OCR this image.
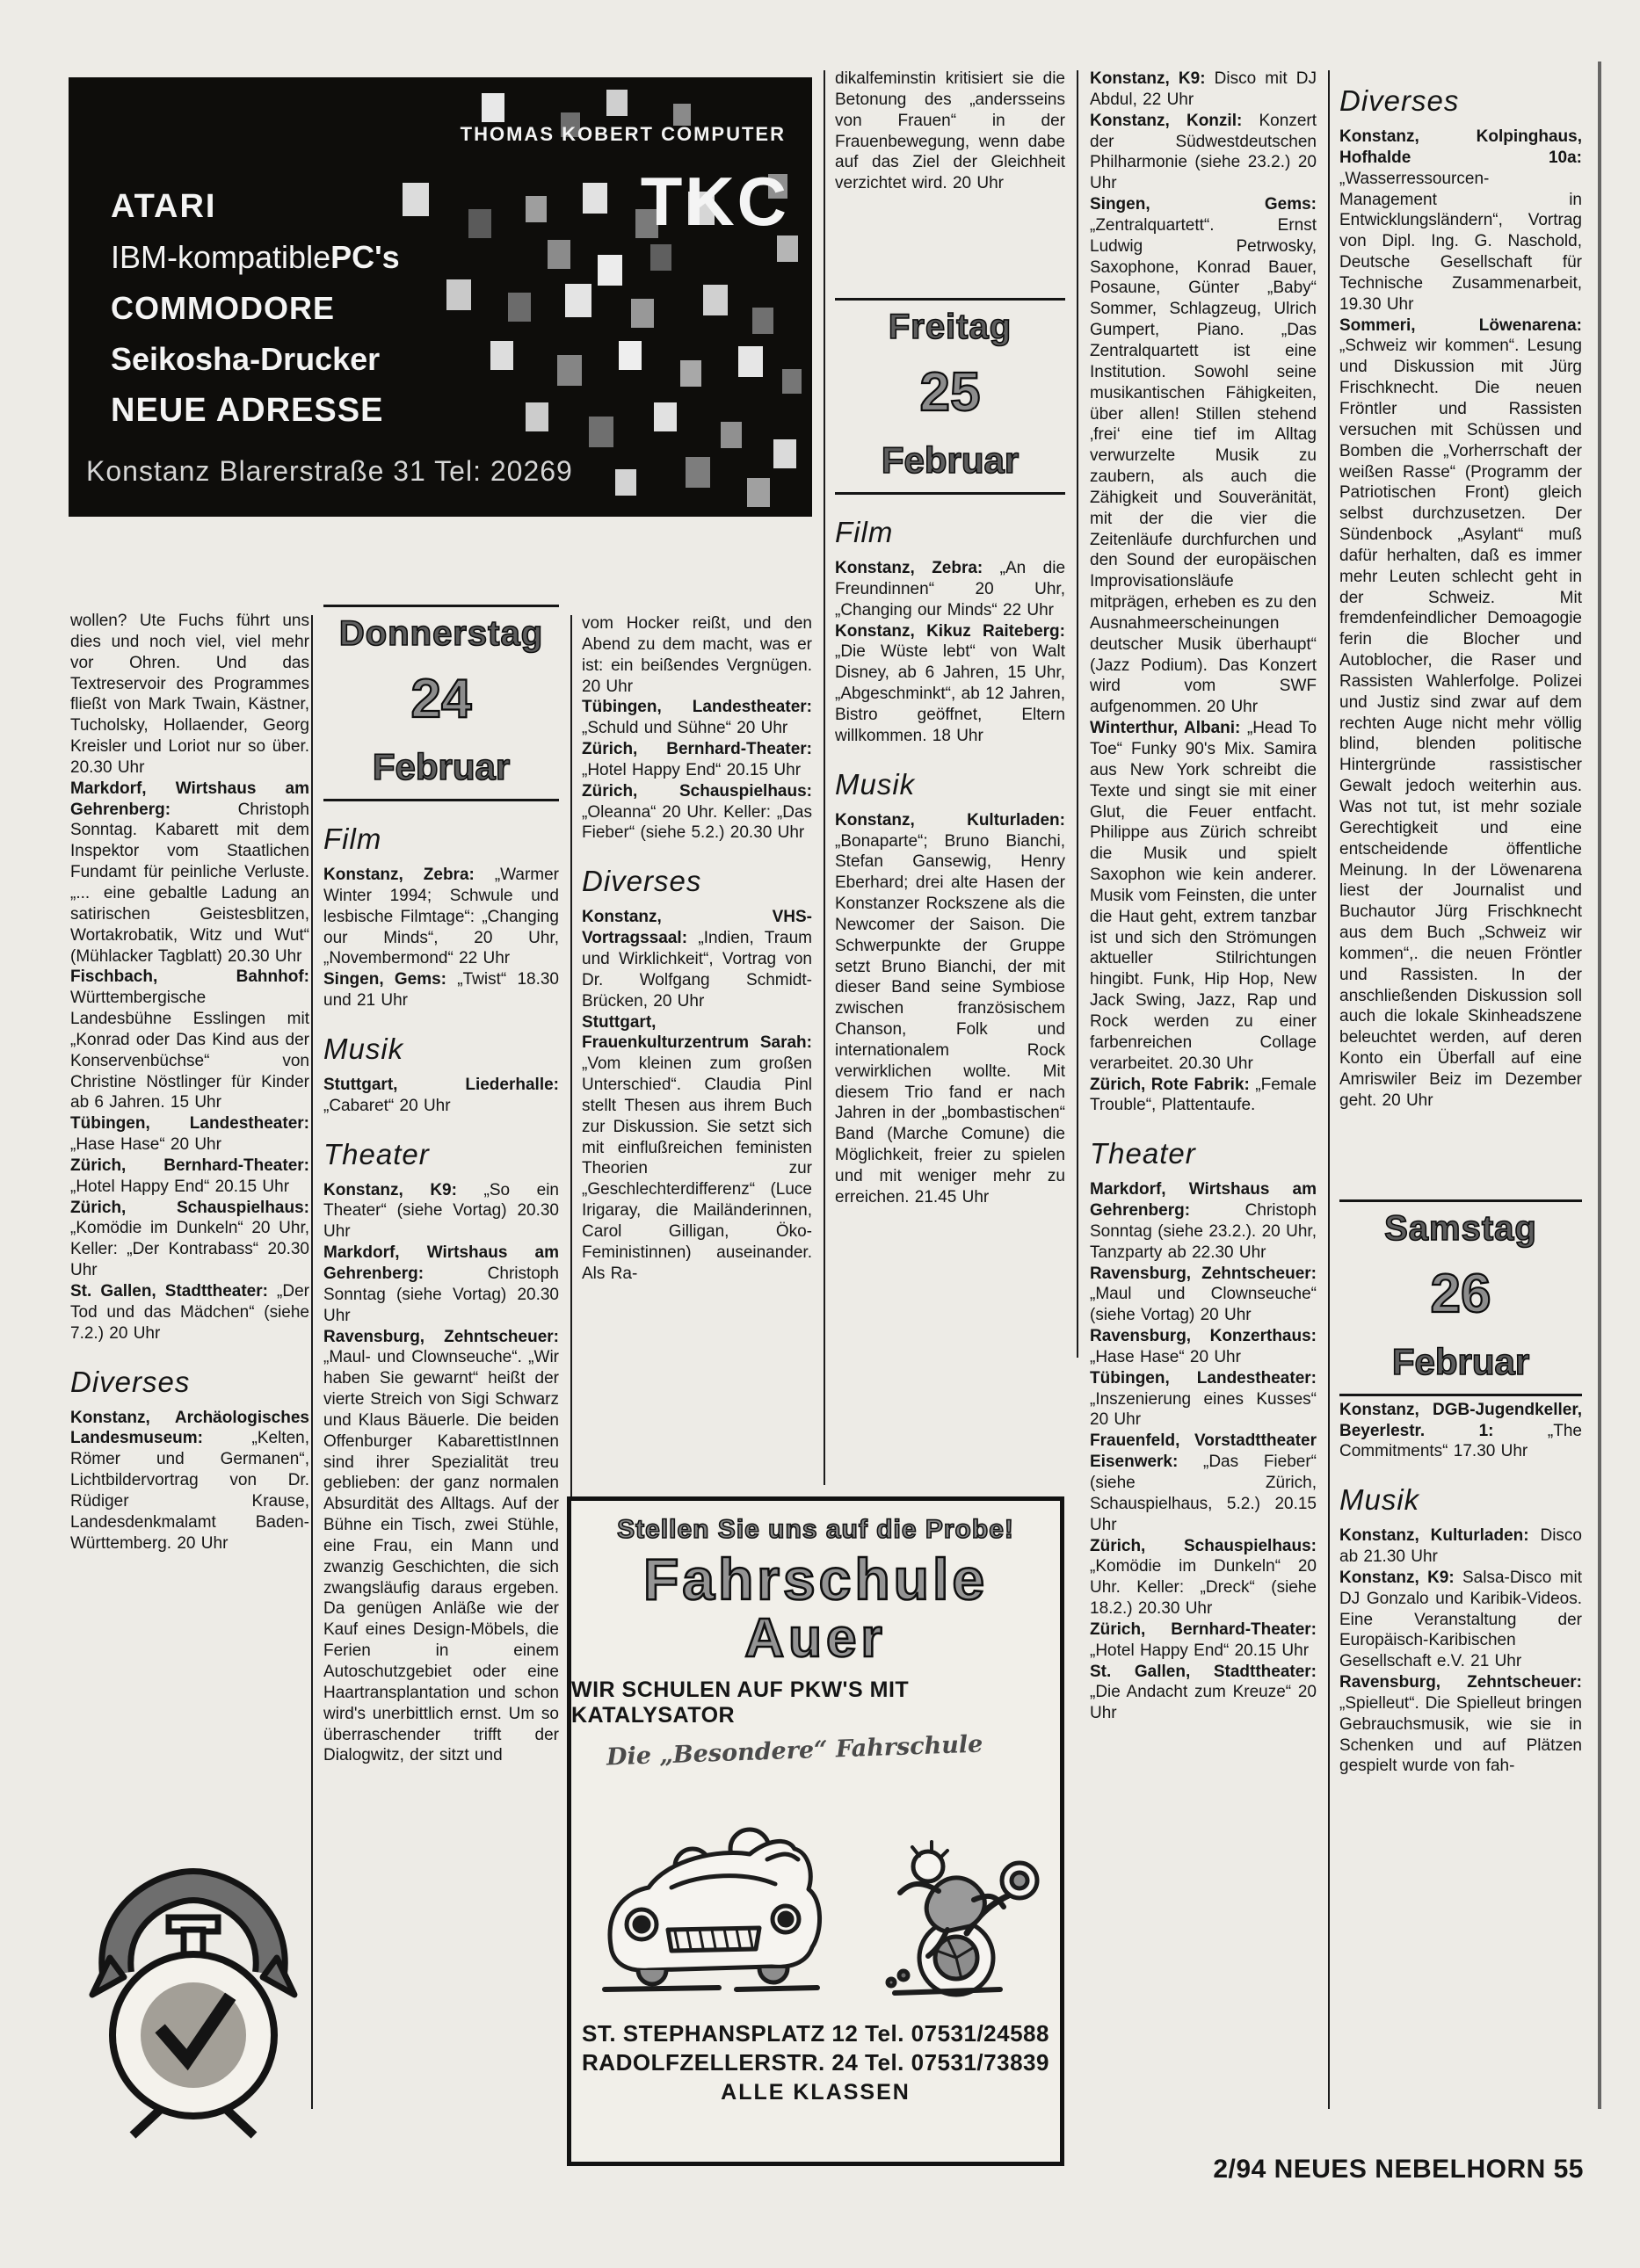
THOMAS KOBERT COMPUTER
TKC
ATARI
IBM-kompatible PC's
COMMODORE
Seikosha-Drucker
NEUE ADRESSE
Konstanz Blarerstraße 31 Tel: 20269

wollen? Ute Fuchs führt uns dies und noch viel, viel mehr vor Ohren. Und das Textreservoir des Programmes fließt von Mark Twain, Kästner, Tucholsky, Hollaender, Georg Kreisler und Loriot nur so über. 20.30 Uhr

Markdorf, Wirtshaus am Gehrenberg: Christoph Sonntag. Kabarett mit dem Inspektor vom Staatlichen Fundamt für peinliche Verluste. „... eine gebaltle Ladung an satirischen Geistesblitzen, Wortakrobatik, Witz und Wut“ (Mühlacker Tagblatt) 20.30 Uhr

Fischbach, Bahnhof: Württembergische Landesbühne Esslingen mit „Konrad oder Das Kind aus der Konservenbüchse“ von Christine Nöstlinger für Kinder ab 6 Jahren. 15 Uhr

Tübingen, Landestheater: „Hase Hase“ 20 Uhr

Zürich, Bernhard-Theater: „Hotel Happy End“ 20.15 Uhr

Zürich, Schauspielhaus: „Komödie im Dunkeln“ 20 Uhr, Keller: „Der Kontrabass“ 20.30 Uhr

St. Gallen, Stadttheater: „Der Tod und das Mädchen“ (siehe 7.2.) 20 Uhr

Diverses

Konstanz, Archäologisches Landesmuseum: „Kelten, Römer und Germanen“, Lichtbildervortrag von Dr. Rüdiger Krause, Landesdenkmalamt Baden-Württemberg. 20 Uhr

Donnerstag
24
Februar
Film

Konstanz, Zebra: „Warmer Winter 1994; Schwule und lesbische Filmtage“: „Changing our Minds“, 20 Uhr, „Novembermond“ 22 Uhr

Singen, Gems: „Twist“ 18.30 und 21 Uhr

Musik

Stuttgart, Liederhalle: „Cabaret“ 20 Uhr

Theater

Konstanz, K9: „So ein Theater“ (siehe Vortag) 20.30 Uhr

Markdorf, Wirtshaus am Gehrenberg: Christoph Sonntag (siehe Vortag) 20.30 Uhr

Ravensburg, Zehntscheuer: „Maul- und Clownseuche“. „Wir haben Sie gewarnt“ heißt der vierte Streich von Sigi Schwarz und Klaus Bäuerle. Die beiden Offenburger KabarettistInnen sind ihrer Spezialität treu geblieben: der ganz normalen Absurdität des Alltags. Auf der Bühne ein Tisch, zwei Stühle, eine Frau, ein Mann und zwanzig Geschichten, die sich zwangsläufig daraus ergeben. Da genügen Anläße wie der Kauf eines Design-Möbels, die Ferien in einem Autoschutzgebiet oder eine Haartransplantation und schon wird's unerbittlich ernst. Um so überraschender trifft der Dialogwitz, der sitzt und

vom Hocker reißt, und den Abend zu dem macht, was er ist: ein beißendes Vergnügen. 20 Uhr

Tübingen, Landestheater: „Schuld und Sühne“ 20 Uhr

Zürich, Bernhard-Theater: „Hotel Happy End“ 20.15 Uhr

Zürich, Schauspielhaus: „Oleanna“ 20 Uhr. Keller: „Das Fieber“ (siehe 5.2.) 20.30 Uhr

Diverses

Konstanz, VHS-Vortragssaal: „Indien, Traum und Wirklichkeit“, Vortrag von Dr. Wolfgang Schmidt-Brücken, 20 Uhr

Stuttgart, Frauenkulturzentrum Sarah: „Vom kleinen zum großen Unterschied“. Claudia Pinl stellt Thesen aus ihrem Buch zur Diskussion. Sie setzt sich mit einflußreichen feministen Theorien zur „Geschlechterdifferenz“ (Luce Irigaray, die Mailänderinnen, Carol Gilligan, Öko-Feministinnen) auseinander. Als Ra-

dikalfeminstin kritisiert sie die Betonung des „andersseins von Frauen“ in der Frauenbewegung, wenn dabe auf das Ziel der Gleichheit verzichtet wird. 20 Uhr

Freitag
25
Februar
Film

Konstanz, Zebra: „An die Freundinnen“ 20 Uhr, „Changing our Minds“ 22 Uhr

Konstanz, Kikuz Raiteberg: „Die Wüste lebt“ von Walt Disney, ab 6 Jahren, 15 Uhr, „Abgeschminkt“, ab 12 Jahren, Bistro geöffnet, Eltern willkommen. 18 Uhr

Musik

Konstanz, Kulturladen: „Bonaparte“; Bruno Bianchi, Stefan Gansewig, Henry Eberhard; drei alte Hasen der Konstanzer Rockszene als die Newcomer der Saison. Die Schwerpunkte der Gruppe setzt Bruno Bianchi, der mit dieser Band seine Symbiose zwischen französischem Chanson, Folk und internationalem Rock verwirklichen wollte. Mit diesem Trio fand er nach Jahren in der „bombastischen“ Band (Marche Comune) die Möglichkeit, freier zu spielen und mit weniger mehr zu erreichen. 21.45 Uhr

Konstanz, K9: Disco mit DJ Abdul, 22 Uhr

Konstanz, Konzil: Konzert der Südwestdeutschen Philharmonie (siehe 23.2.) 20 Uhr

Singen, Gems: „Zentralquartett“. Ernst Ludwig Petrwosky, Saxophone, Konrad Bauer, Posaune, Günter „Baby“ Sommer, Schlagzeug, Ulrich Gumpert, Piano. „Das Zentralquartett ist eine Institution. Sowohl seine musikantischen Fähigkeiten, über allen! Stillen stehend ‚frei‘ eine tief im Alltag verwurzelte Musik zu zaubern, als auch die Zähigkeit und Souveränität, mit der die vier die Zeitenläufe durchfurchen und den Sound der europäischen Improvisationsläufe mitprägen, erheben es zu den Ausnahmeerscheinungen deutscher Musik überhaupt“ (Jazz Podium). Das Konzert wird vom SWF aufgenommen. 20 Uhr

Winterthur, Albani: „Head To Toe“ Funky 90's Mix. Samira aus New York schreibt die Texte und singt sie mit einer Glut, die Feuer entfacht. Philippe aus Zürich schreibt die Musik und spielt Saxophon wie kein anderer. Musik vom Feinsten, die unter die Haut geht, extrem tanzbar ist und sich den Strömungen aktueller Stilrichtungen hingibt. Funk, Hip Hop, New Jack Swing, Jazz, Rap und Rock werden zu einer farbenreichen Collage verarbeitet. 20.30 Uhr

Zürich, Rote Fabrik: „Female Trouble“, Plattentaufe.

Theater

Markdorf, Wirtshaus am Gehrenberg: Christoph Sonntag (siehe 23.2.). 20 Uhr, Tanzparty ab 22.30 Uhr

Ravensburg, Zehntscheuer: „Maul und Clownseuche“ (siehe Vortag) 20 Uhr

Ravensburg, Konzerthaus: „Hase Hase“ 20 Uhr

Tübingen, Landestheater: „Inszenierung eines Kusses“ 20 Uhr

Frauenfeld, Vorstadttheater Eisenwerk: „Das Fieber“ (siehe Zürich, Schauspielhaus, 5.2.) 20.15 Uhr

Zürich, Schauspielhaus: „Komödie im Dunkeln“ 20 Uhr. Keller: „Dreck“ (siehe 18.2.) 20.30 Uhr

Zürich, Bernhard-Theater: „Hotel Happy End“ 20.15 Uhr

St. Gallen, Stadttheater: „Die Andacht zum Kreuze“ 20 Uhr

Diverses

Konstanz, Kolpinghaus, Hofhalde 10a: „Wasserressourcen-Management in Entwicklungsländern“, Vortrag von Dipl. Ing. G. Naschold, Deutsche Gesellschaft für Technische Zusammenarbeit, 19.30 Uhr

Sommeri, Löwenarena: „Schweiz wir kommen“. Lesung und Diskussion mit Jürg Frischknecht. Die neuen Fröntler und Rassisten versuchen mit Schüssen und Bomben die „Vorherrschaft der weißen Rasse“ (Programm der Patriotischen Front) gleich selbst durchzusetzen. Der Sündenbock „Asylant“ muß dafür herhalten, daß es immer mehr Leuten schlecht geht in der Schweiz. Mit fremdenfeindlicher Demoagogie ferin die Blocher und Autoblocher, die Raser und Rassisten Wahlerfolge. Polizei und Justiz sind zwar auf dem rechten Auge nicht mehr völlig blind, blenden politische Hintergründe rassistischer Gewalt jedoch weiterhin aus. Was not tut, ist mehr soziale Gerechtigkeit und eine entscheidende öffentliche Meinung. In der Löwenarena liest der Journalist und Buchautor Jürg Frischknecht aus dem Buch „Schweiz wir kommen“,. die neuen Fröntler und Rassisten. In der anschließenden Diskussion soll auch die lokale Skinheadszene beleuchtet werden, auf deren Konto ein Überfall auf eine Amriswiler Beiz im Dezember geht. 20 Uhr

Samstag
26
Februar

Konstanz, DGB-Jugendkeller, Beyerlestr. 1: „The Commitments“ 17.30 Uhr

Musik

Konstanz, Kulturladen: Disco ab 21.30 Uhr

Konstanz, K9: Salsa-Disco mit DJ Gonzalo und Karibik-Videos. Eine Veranstaltung der Europäisch-Karibischen Gesellschaft e.V. 21 Uhr

Ravensburg, Zehntscheuer: „Spielleut“. Die Spielleut bringen Gebrauchsmusik, wie sie in Schenken und auf Plätzen gespielt wurde von fah-

Stellen Sie uns auf die Probe!
Fahrschule
Auer
WIR SCHULEN AUF PKW'S MIT KATALYSATOR
Die „Besondere“ Fahrschule
ST. STEPHANSPLATZ 12 Tel. 07531/24588
RADOLFZELLERSTR. 24 Tel. 07531/73839
ALLE KLASSEN
2/94 NEUES NEBELHORN 55
